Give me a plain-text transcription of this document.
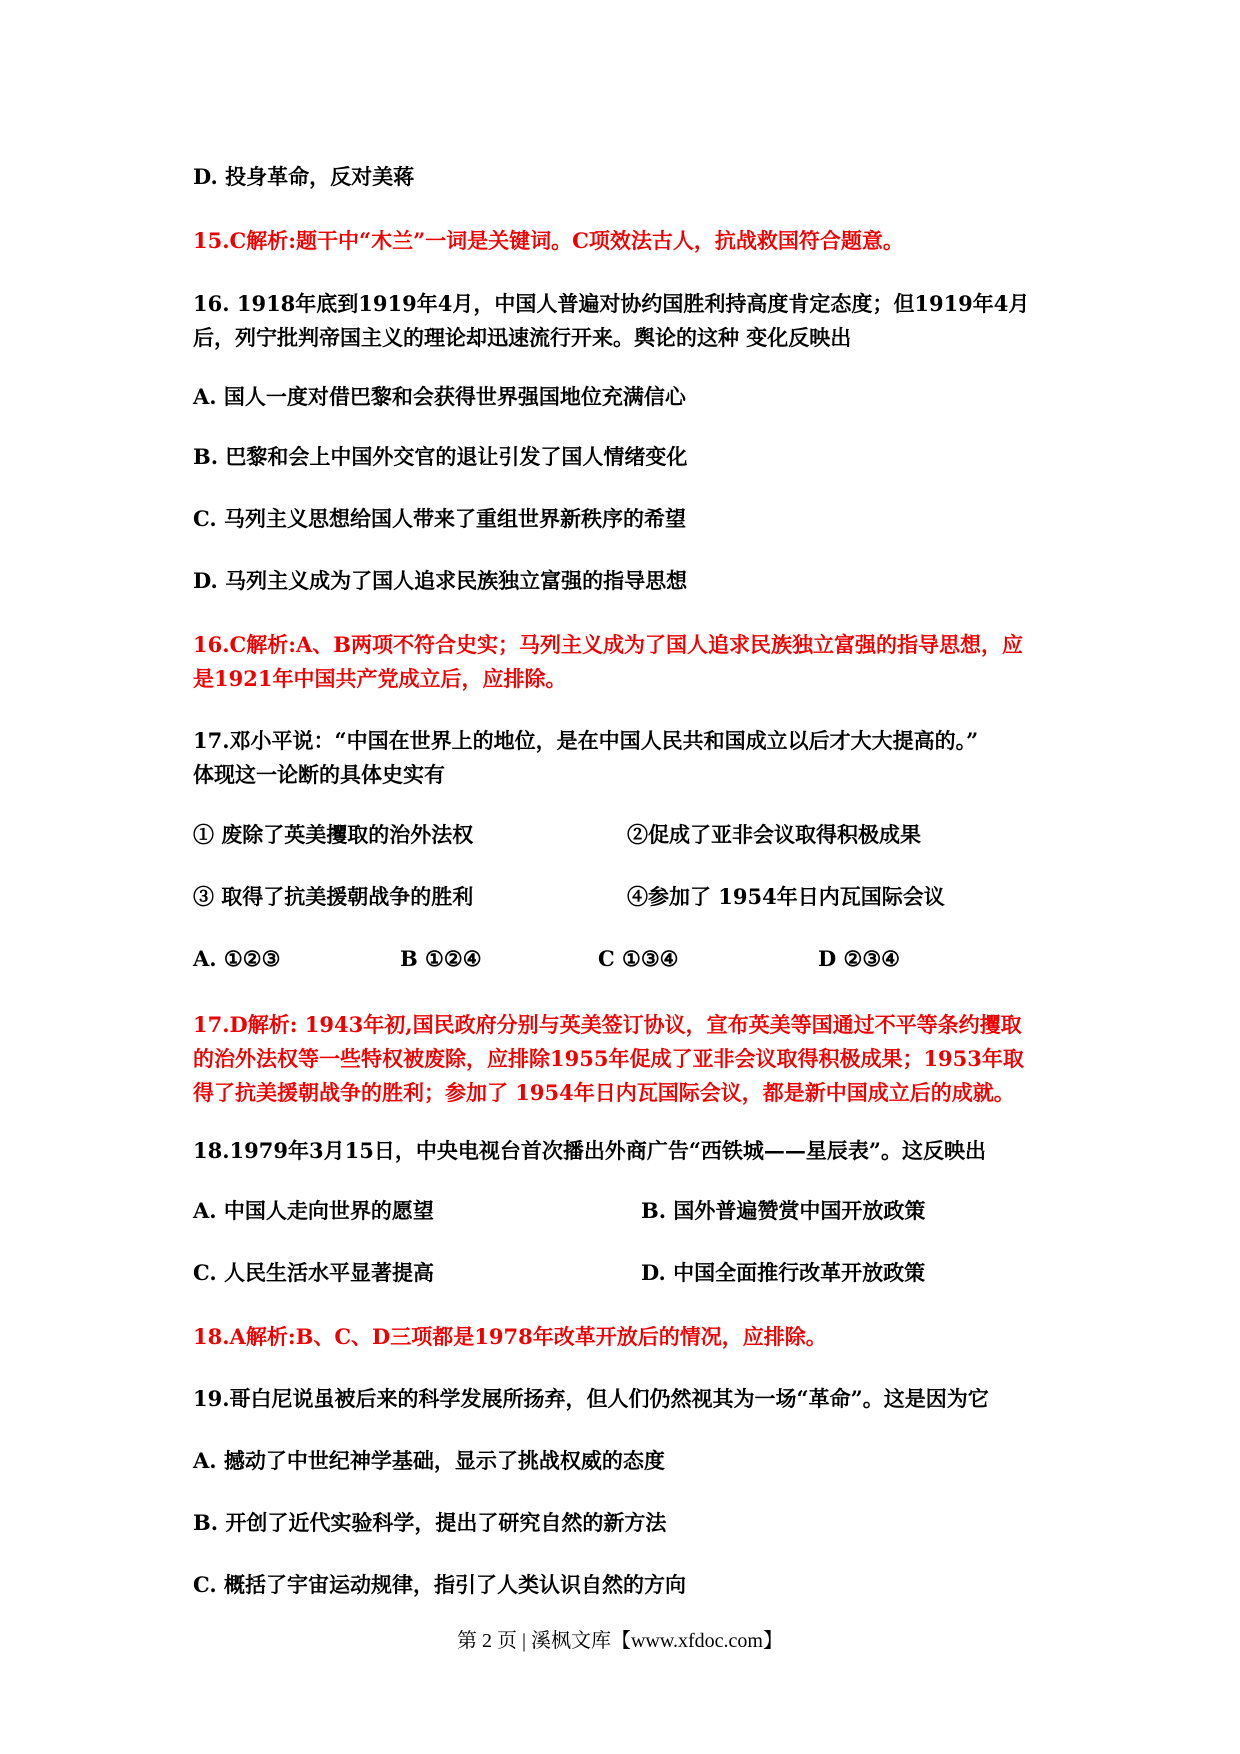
D. 投身革命，反对美蒋
15.C解析:题干中“木兰”一词是关键词。C项效法古人，抗战救国符合题意。
16. 1918年底到1919年4月，中国人普遍对协约国胜利持高度肯定态度；但1919年4月
后，列宁批判帝国主义的理论却迅速流行开来。舆论的这种 变化反映出
A. 国人一度对借巴黎和会获得世界强国地位充满信心
B. 巴黎和会上中国外交官的退让引发了国人情绪变化
C. 马列主义思想给国人带来了重组世界新秩序的希望
D. 马列主义成为了国人追求民族独立富强的指导思想
16.C解析:A、B两项不符合史实；马列主义成为了国人追求民族独立富强的指导思想，应
是1921年中国共产党成立后，应排除。
17.邓小平说：“中国在世界上的地位，是在中国人民共和国成立以后才大大提高的。”
体现这一论断的具体史实有
① 废除了英美攫取的治外法权	②促成了亚非会议取得积极成果
③ 取得了抗美援朝战争的胜利	④参加了 1954年日内瓦国际会议
A. ①②③	B ①②④	C ①③④	D ②③④
17.D解析: 1943年初,国民政府分别与英美签订协议，宣布英美等国通过不平等条约攫取
的治外法权等一些特权被废除，应排除1955年促成了亚非会议取得积极成果；1953年取
得了抗美援朝战争的胜利；参加了 1954年日内瓦国际会议，都是新中国成立后的成就。
18.1979年3月15日，中央电视台首次播出外商广告“西铁城——星辰表”。这反映出
A. 中国人走向世界的愿望	B. 国外普遍赞赏中国开放政策
C. 人民生活水平显著提高	D. 中国全面推行改革开放政策
18.A解析:B、C、D三项都是1978年改革开放后的情况，应排除。
19.哥白尼说虽被后来的科学发展所扬弃，但人们仍然视其为一场“革命”。这是因为它
A. 撼动了中世纪神学基础，显示了挑战权威的态度
B. 开创了近代实验科学，提出了研究自然的新方法
C. 概括了宇宙运动规律，指引了人类认识自然的方向
第 2 页 | 溪枫文库【www.xfdoc.com】
